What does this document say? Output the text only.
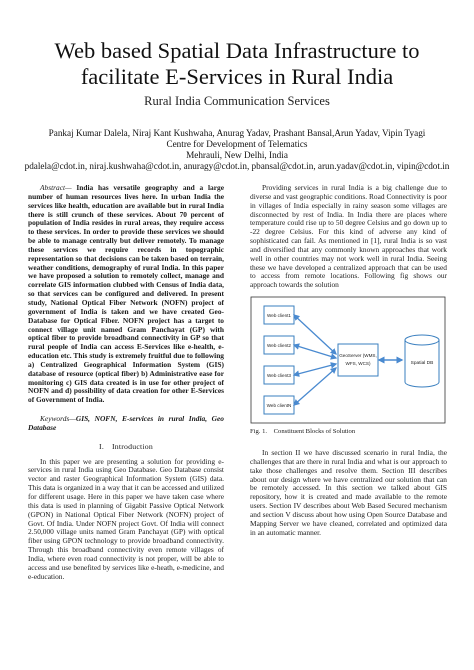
Web based Spatial Data Infrastructure to facilitate E-Services in Rural India
Rural India Communication Services
Pankaj Kumar Dalela, Niraj Kant Kushwaha, Anurag Yadav, Prashant Bansal,Arun Yadav, Vipin Tyagi
Centre for Development of Telematics
Mehrauli, New Delhi, India
pdalela@cdot.in, niraj.kushwaha@cdot.in, anuragy@cdot.in, pbansal@cdot.in, arun.yadav@cdot.in, vipin@cdot.in

Abstract— India has versatile geography and a large number of human resources lives here. In urban India the services like health, education are available but in rural India there is still crunch of these services. About 70 percent of population of India resides in rural areas, they require access to these services. In order to provide these services we should be able to manage centrally but deliver remotely. To manage these services we require records in topographic representation so that decisions can be taken based on terrain, weather conditions, demography of rural India. In this paper we have proposed a solution to remotely collect, manage and correlate GIS information clubbed with Census of India data, so that services can be configured and delivered. In present study, National Optical Fiber Network (NOFN) project of government of India is taken and we have created Geo-Database for Optical Fiber. NOFN project has a target to connect village unit named Gram Panchayat (GP) with optical fiber to provide broadband connectivity in GP so that rural people of India can access E-Services like e-health, e-education etc. This study is extremely fruitful due to following a) Centralized Geographical Information System (GIS) database of resource (optical fiber) b) Administrative ease for monitoring c) GIS data created is in use for other project of NOFN and d) possibility of data creation for other E-Services of Government of India.

Keywords—GIS, NOFN, E-services in rural India, Geo Database

I. Introduction

In this paper we are presenting a solution for providing e-services in rural India using Geo Database. Geo Database consist vector and raster Geographical Information System (GIS) data. This data is organized in a way that it can be accessed and utilized for different usage. Here in this paper we have taken case where this data is used in planning of Gigabit Passive Optical Network (GPON) in National Optical Fiber Network (NOFN) project of Govt. Of India. Under NOFN project Govt. Of India will connect 2.50,000 village units named Gram Panchayat (GP) with optical fiber using GPON technology to provide broadband connectivity. Through this broadband connectivity even remote villages of India, where even road connectivity is not proper, will be able to access and use benefited by services like e-heath, e-medicine, and e-education.

Providing services in rural India is a big challenge due to diverse and vast geographic conditions. Road Connectivity is poor in villages of India especially in rainy season some villages are disconnected by rest of India. In India there are places where temperature could rise up to 50 degree Celsius and go down up to -22 degree Celsius. For this kind of adverse any kind of sophisticated can fail. As mentioned in [1], rural India is so vast and diversified that any commonly known approaches that work well in other countries may not work well in rural India. Seeing these we have developed a centralized approach that can be used to access from remote locations. Following fig shows our approach towards the solution

Web client1
Web client2
Web client3
Web clientN
GeoServer (WMS,
WFS, WCS)	Spatial DB
Fig. 1. Constituent Blocks of Solution

In section II we have discussed scenario in rural India, the challenges that are there in rural India and what is our approach to take those challenges and resolve them. Section III describes about our design where we have centralized our solution that can be remotely accessed. In this section we talked about GIS repository, how it is created and made available to the remote users. Section IV describes about Web Based Secured mechanism and section V discuss about how using Open Source Database and Mapping Server we have cleaned, correlated and optimized data in an automatic manner.
